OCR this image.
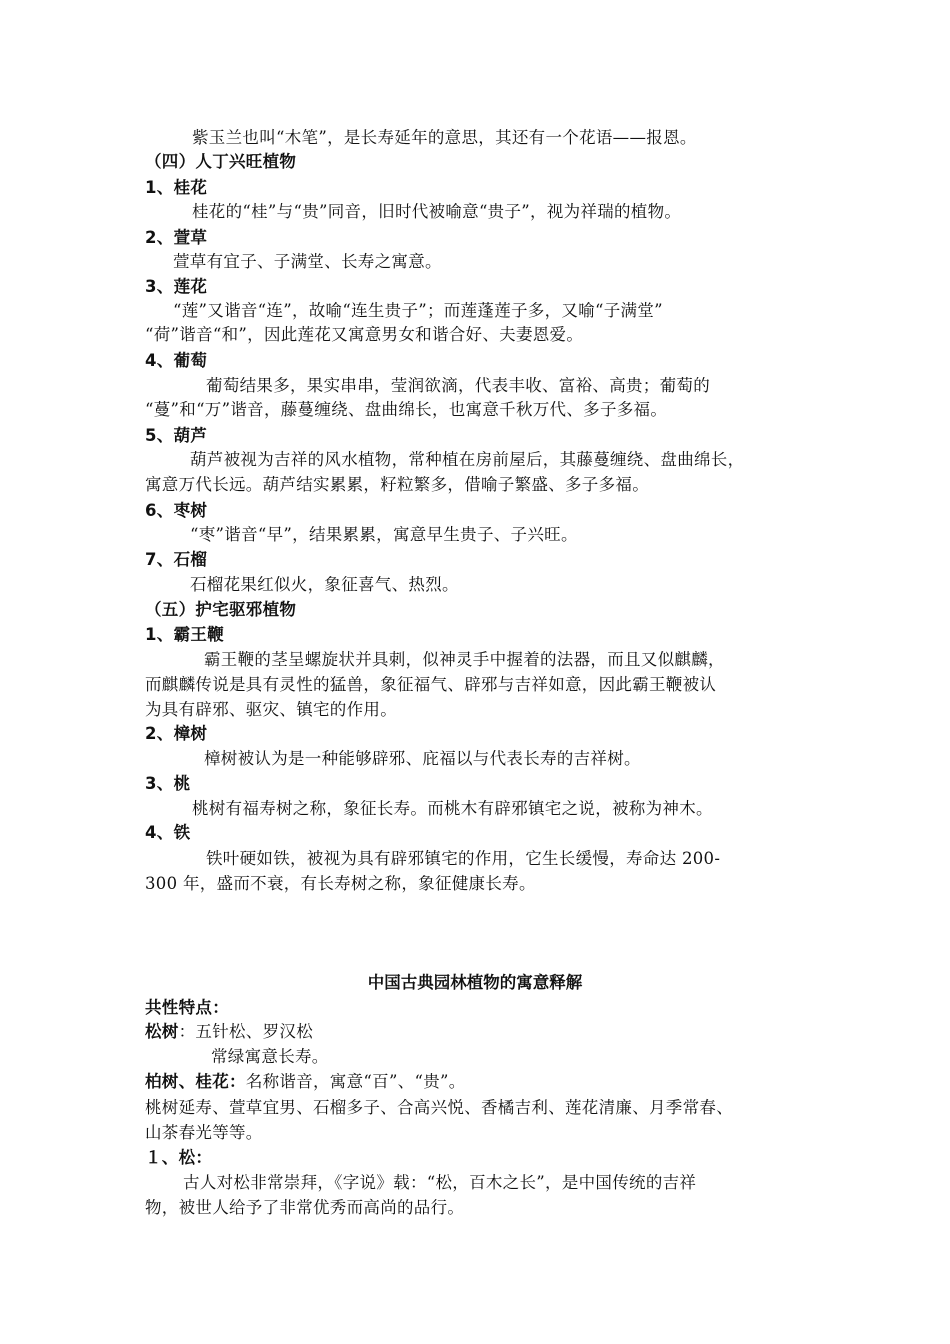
紫玉兰也叫“木笔”，是长寿延年的意思，其还有一个花语——报恩。
（四）人丁兴旺植物
1、桂花
桂花的“桂”与“贵”同音，旧时代被喻意“贵子”，视为祥瑞的植物。
2、萱草
萱草有宜子、子满堂、长寿之寓意。
3、莲花
“莲”又谐音“连”，故喻“连生贵子”；而莲蓬莲子多，又喻“子满堂”
“荷”谐音“和”，因此莲花又寓意男女和谐合好、夫妻恩爱。
4、葡萄
葡萄结果多，果实串串，莹润欲滴，代表丰收、富裕、高贵；葡萄的
“蔓”和“万”谐音，藤蔓缠绕、盘曲绵长，也寓意千秋万代、多子多福。
5、葫芦
葫芦被视为吉祥的风水植物，常种植在房前屋后，其藤蔓缠绕、盘曲绵长，
寓意万代长远。葫芦结实累累，籽粒繁多，借喻子繁盛、多子多福。
6、枣树
“枣”谐音“早”，结果累累，寓意早生贵子、子兴旺。
7、石榴
石榴花果红似火，象征喜气、热烈。
（五）护宅驱邪植物
1、霸王鞭
霸王鞭的茎呈螺旋状并具刺，似神灵手中握着的法器，而且又似麒麟，
而麒麟传说是具有灵性的猛兽，象征福气、辟邪与吉祥如意，因此霸王鞭被认
为具有辟邪、驱灾、镇宅的作用。
2、樟树
樟树被认为是一种能够辟邪、庇福以与代表长寿的吉祥树。
3、桃
桃树有福寿树之称，象征长寿。而桃木有辟邪镇宅之说，被称为神木。
4、铁
铁叶硬如铁，被视为具有辟邪镇宅的作用，它生长缓慢，寿命达 200-
300 年，盛而不衰，有长寿树之称，象征健康长寿。
中国古典园林植物的寓意释解
共性特点：
松树：五针松、罗汉松
常绿寓意长寿。
柏树、桂花：名称谐音，寓意“百”、“贵”。
桃树延寿、萱草宜男、石榴多子、合高兴悦、香橘吉利、莲花清廉、月季常春、
山茶春光等等。
１、松：
古人对松非常崇拜，《字说》载：“松，百木之长”，是中国传统的吉祥
物，被世人给予了非常优秀而高尚的品行。
